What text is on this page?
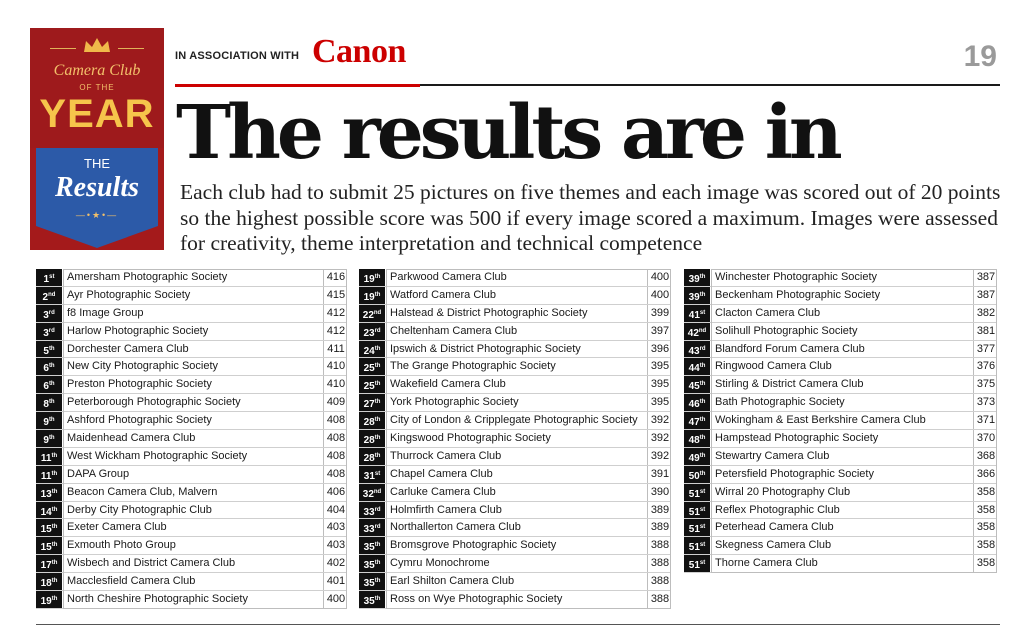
Camera Club
OF THE
YEAR
THE
Results
—•★•—
IN ASSOCIATION WITH Canon	19
The results are in
Each club had to submit 25 pictures on five themes and each image was scored out of 20 points so the highest possible score was 500 if every image scored a maximum. Images were assessed for creativity, theme interpretation and technical competence
1st	Amersham Photographic Society	416
2nd	Ayr Photographic Society	415
3rd	f8 Image Group	412
3rd	Harlow Photographic Society	412
5th	Dorchester Camera Club	411
6th	New City Photographic Society	410
6th	Preston Photographic Society	410
8th	Peterborough Photographic Society	409
9th	Ashford Photographic Society	408
9th	Maidenhead Camera Club	408
11th West Wickham Photographic Society	408
11th DAPA Group	408
13th Beacon Camera Club, Malvern	406
14th Derby City Photographic Club	404
15th Exeter Camera Club	403
15th Exmouth Photo Group	403
17th Wisbech and District Camera Club	402
18th Macclesfield Camera Club	401
19th North Cheshire Photographic Society	400
19th Parkwood Camera Club	400
19th Watford Camera Club	400
22nd Halstead & District Photographic Society	399
23rd Cheltenham Camera Club	397
24th Ipswich & District Photographic Society	396
25th The Grange Photographic Society	395
25th Wakefield Camera Club	395
27th York Photographic Society	395
28th City of London & Cripplegate Photographic Society	392
28th Kingswood Photographic Society	392
28th Thurrock Camera Club	392
31st Chapel Camera Club	391
32nd Carluke Camera Club	390
33rd Holmfirth Camera Club	389
33rd Northallerton Camera Club	389
35th Bromsgrove Photographic Society	388
35th Cymru Monochrome	388
35th Earl Shilton Camera Club	388
35th Ross on Wye Photographic Society	388
39th Winchester Photographic Society	387
39th Beckenham Photographic Society	387
41st Clacton Camera Club	382
42nd Solihull Photographic Society	381
43rd Blandford Forum Camera Club	377
44th Ringwood Camera Club	376
45th Stirling & District Camera Club	375
46th Bath Photographic Society	373
47th Wokingham & East Berkshire Camera Club	371
48th Hampstead Photographic Society	370
49th Stewartry Camera Club	368
50th Petersfield Photographic Society	366
51st Wirral 20 Photography Club	358
51st Reflex Photographic Club	358
51st Peterhead Camera Club	358
51st Skegness Camera Club	358
51st Thorne Camera Club	358
